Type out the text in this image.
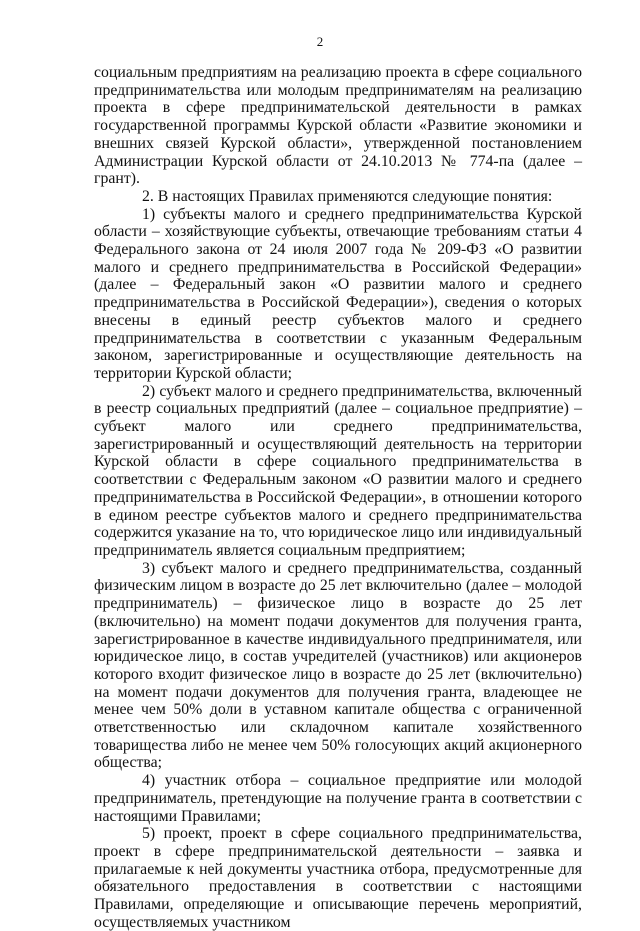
2

социальным предприятиям на реализацию проекта в сфере социального предпринимательства или молодым предпринимателям на реализацию проекта в сфере предпринимательской деятельности в рамках государственной программы Курской области «Развитие экономики и внешних связей Курской области», утвержденной постановлением Администрации Курской области от 24.10.2013 № 774-па (далее – грант).

2. В настоящих Правилах применяются следующие понятия:

1) субъекты малого и среднего предпринимательства Курской области – хозяйствующие субъекты, отвечающие требованиям статьи 4 Федерального закона от 24 июля 2007 года № 209-ФЗ «О развитии малого и среднего предпринимательства в Российской Федерации» (далее – Федеральный закон «О развитии малого и среднего предпринимательства в Российской Федерации»), сведения о которых внесены в единый реестр субъектов малого и среднего предпринимательства в соответствии с указанным Федеральным законом, зарегистрированные и осуществляющие деятельность на территории Курской области;

2) субъект малого и среднего предпринимательства, включенный в реестр социальных предприятий (далее – социальное предприятие) – субъект малого или среднего предпринимательства, зарегистрированный и осуществляющий деятельность на территории Курской области в сфере социального предпринимательства в соответствии с Федеральным законом «О развитии малого и среднего предпринимательства в Российской Федерации», в отношении которого в едином реестре субъектов малого и среднего предпринимательства содержится указание на то, что юридическое лицо или индивидуальный предприниматель является социальным предприятием;

3) субъект малого и среднего предпринимательства, созданный физическим лицом в возрасте до 25 лет включительно (далее – молодой предприниматель) – физическое лицо в возрасте до 25 лет (включительно) на момент подачи документов для получения гранта, зарегистрированное в качестве индивидуального предпринимателя, или юридическое лицо, в состав учредителей (участников) или акционеров которого входит физическое лицо в возрасте до 25 лет (включительно) на момент подачи документов для получения гранта, владеющее не менее чем 50% доли в уставном капитале общества с ограниченной ответственностью или складочном капитале хозяйственного товарищества либо не менее чем 50% голосующих акций акционерного общества;

4) участник отбора – социальное предприятие или молодой предприниматель, претендующие на получение гранта в соответствии с настоящими Правилами;

5) проект, проект в сфере социального предпринимательства, проект в сфере предпринимательской деятельности – заявка и прилагаемые к ней документы участника отбора, предусмотренные для обязательного предоставления в соответствии с настоящими Правилами, определяющие и описывающие перечень мероприятий, осуществляемых участником
